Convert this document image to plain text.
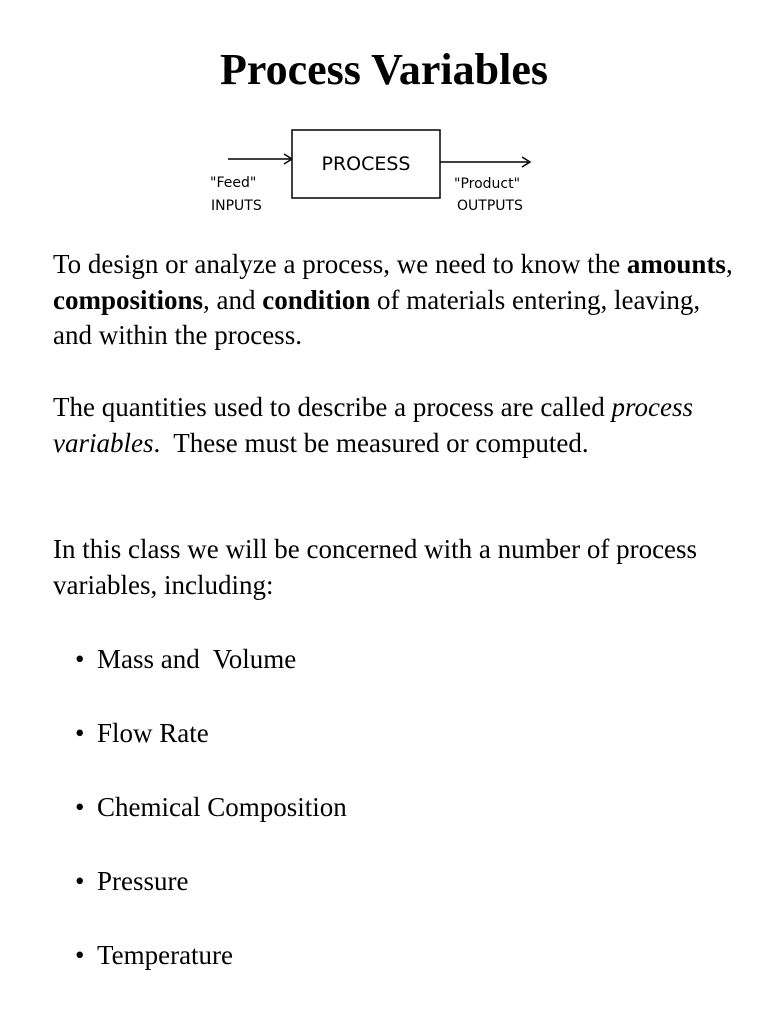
Process Variables
PROCESS
"Feed"
INPUTS
"Product"
OUTPUTS

To design or analyze a process, we need to know the amounts, compositions, and condition of materials entering, leaving, and within the process.

The quantities used to describe a process are called process variables.  These must be measured or computed.

In this class we will be concerned with a number of process variables, including:

• Mass and  Volume
• Flow Rate
• Chemical Composition
• Pressure
• Temperature
